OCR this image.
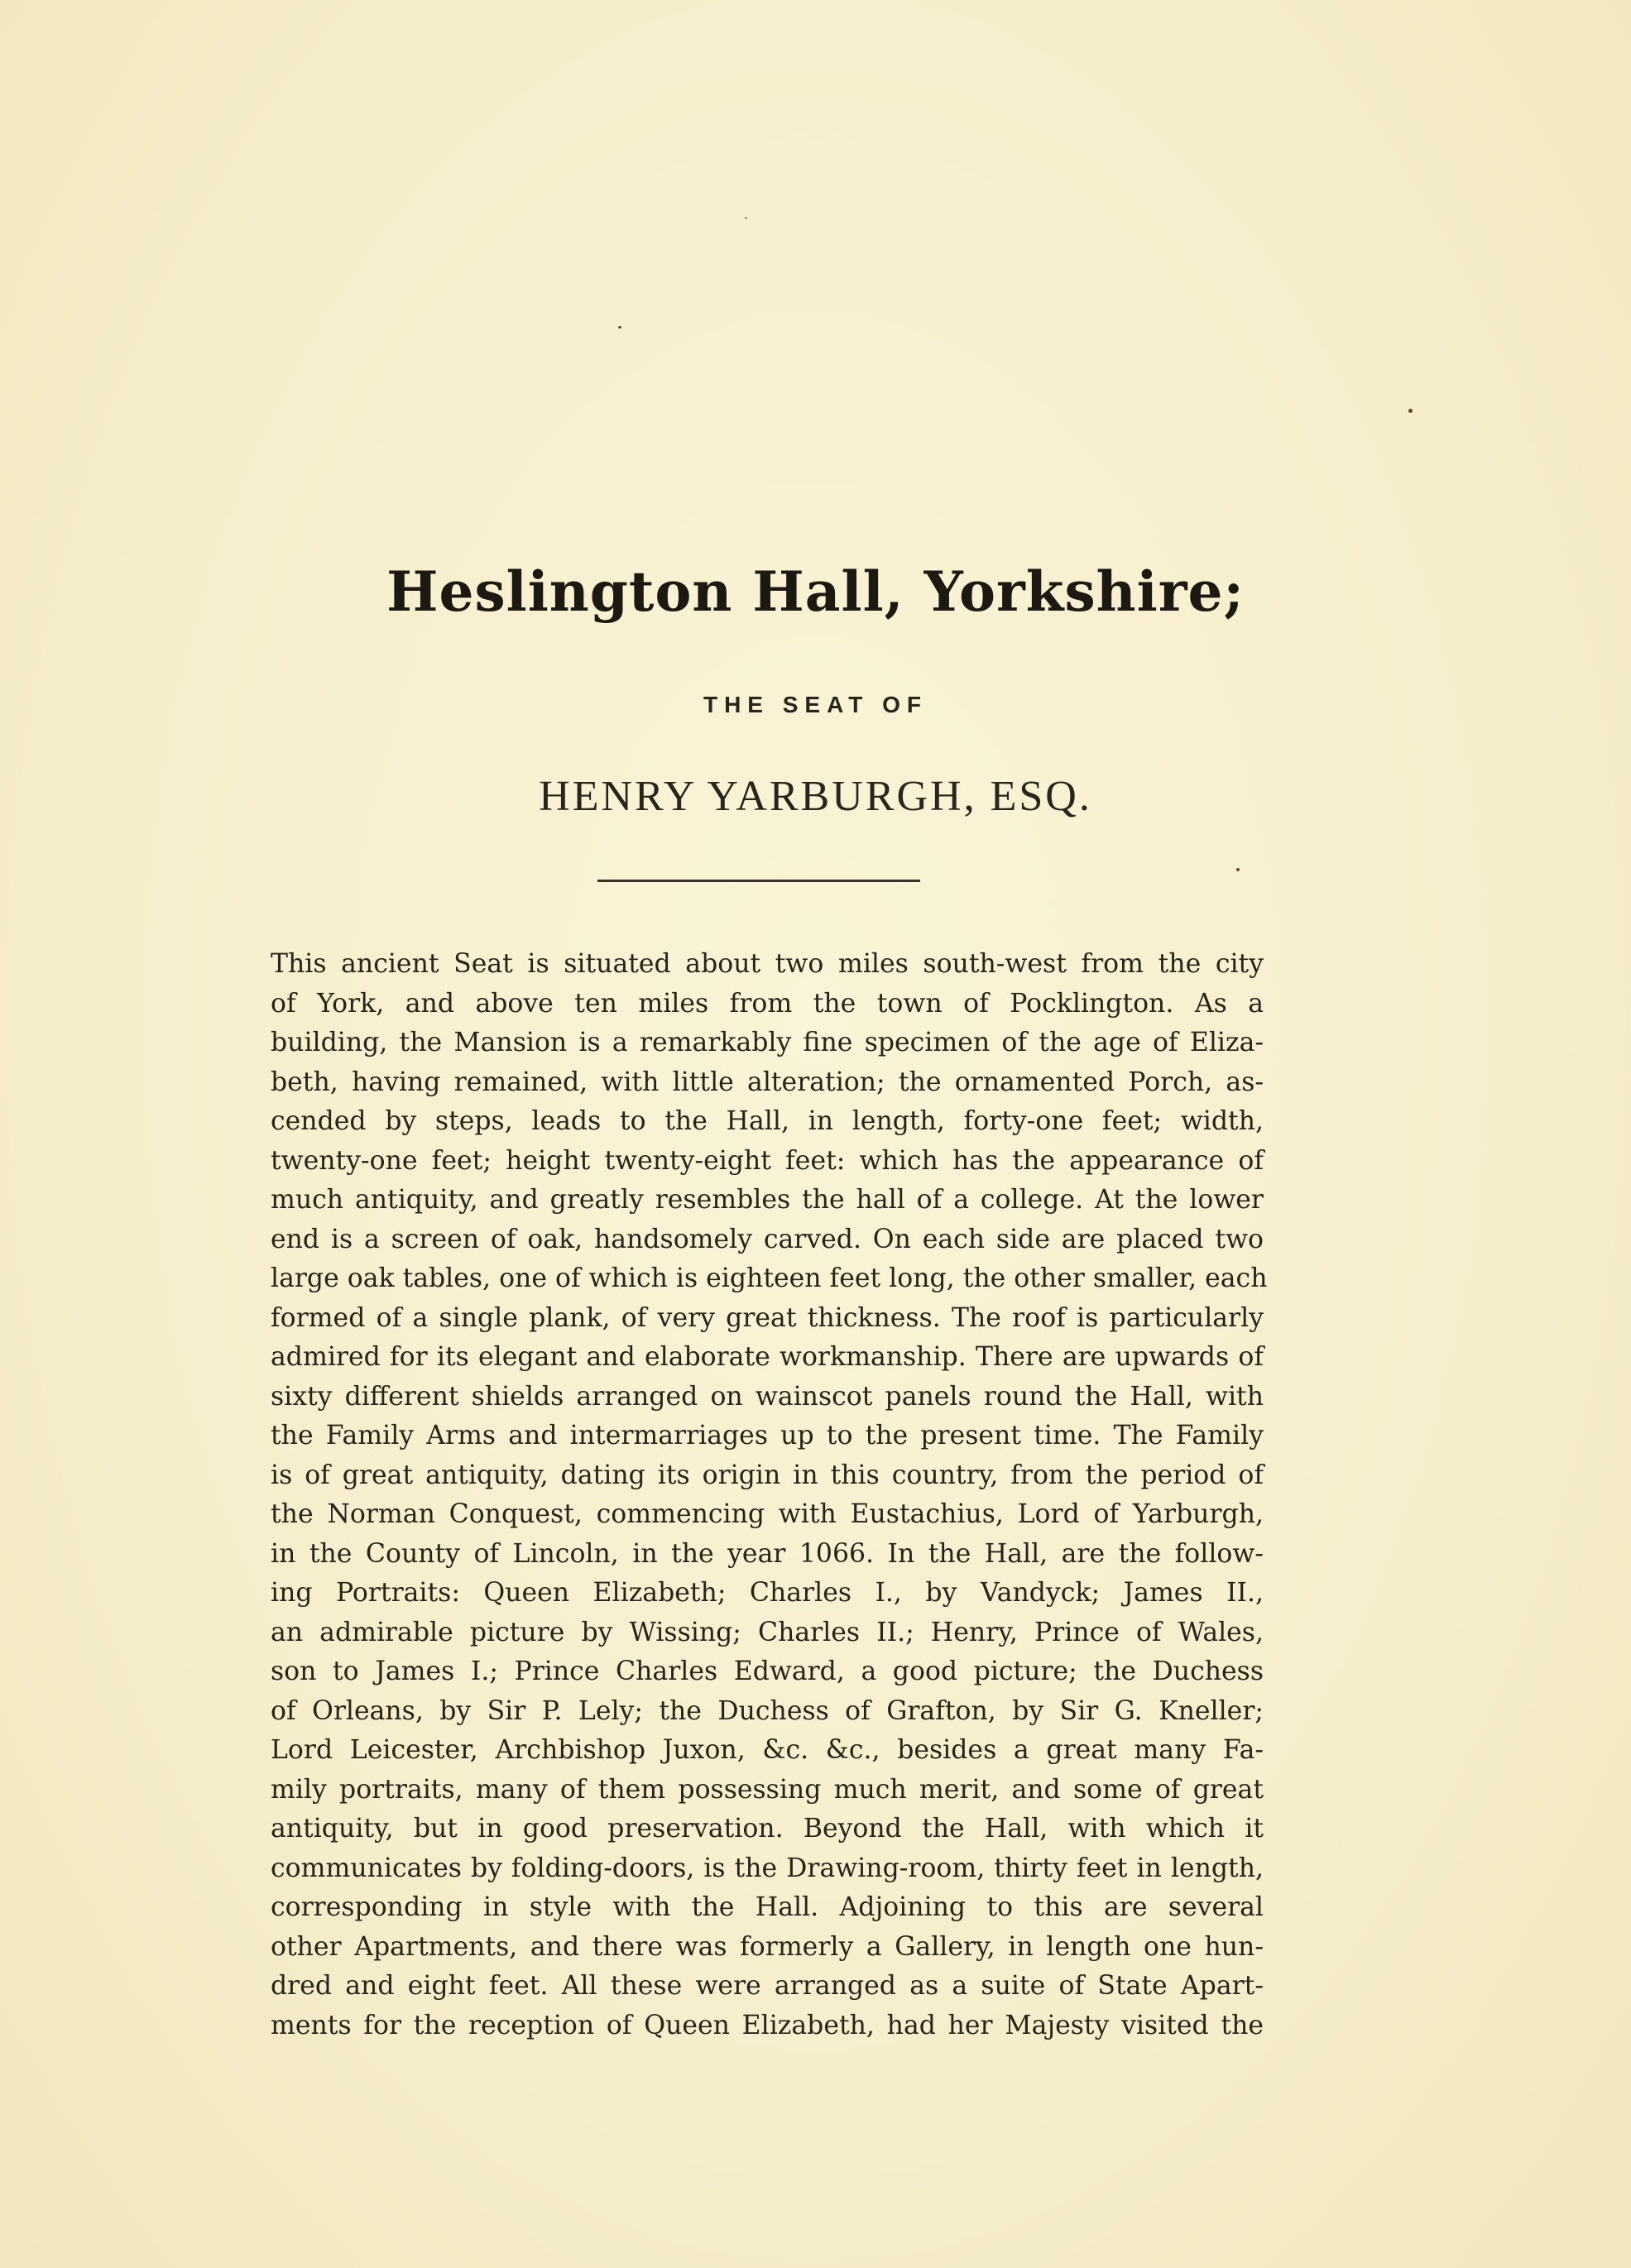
Heslington Hall, Yorkshire;
THE SEAT OF
HENRY YARBURGH, ESQ.
This ancient Seat is situated about two miles south-west from the city
of York, and above ten miles from the town of Pocklington. As a
building, the Mansion is a remarkably fine specimen of the age of Eliza-
beth, having remained, with little alteration; the ornamented Porch, as-
cended by steps, leads to the Hall, in length, forty-one feet; width,
twenty-one feet; height twenty-eight feet: which has the appearance of
much antiquity, and greatly resembles the hall of a college. At the lower
end is a screen of oak, handsomely carved. On each side are placed two
large oak tables, one of which is eighteen feet long, the other smaller, each
formed of a single plank, of very great thickness. The roof is particularly
admired for its elegant and elaborate workmanship. There are upwards of
sixty different shields arranged on wainscot panels round the Hall, with
the Family Arms and intermarriages up to the present time. The Family
is of great antiquity, dating its origin in this country, from the period of
the Norman Conquest, commencing with Eustachius, Lord of Yarburgh,
in the County of Lincoln, in the year 1066. In the Hall, are the follow-
ing Portraits: Queen Elizabeth; Charles I., by Vandyck; James II.,
an admirable picture by Wissing; Charles II.; Henry, Prince of Wales,
son to James I.; Prince Charles Edward, a good picture; the Duchess
of Orleans, by Sir P. Lely; the Duchess of Grafton, by Sir G. Kneller;
Lord Leicester, Archbishop Juxon, &c. &c., besides a great many Fa-
mily portraits, many of them possessing much merit, and some of great
antiquity, but in good preservation. Beyond the Hall, with which it
communicates by folding-doors, is the Drawing-room, thirty feet in length,
corresponding in style with the Hall. Adjoining to this are several
other Apartments, and there was formerly a Gallery, in length one hun-
dred and eight feet. All these were arranged as a suite of State Apart-
ments for the reception of Queen Elizabeth, had her Majesty visited the
